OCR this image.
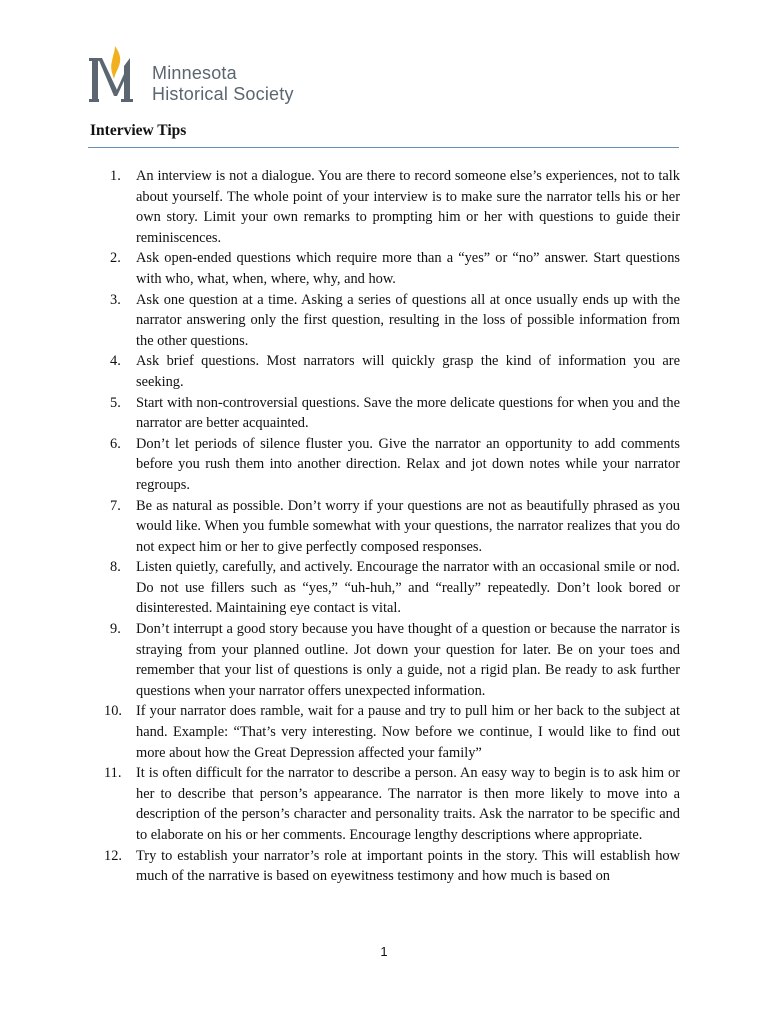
Minnesota
Historical Society
Interview Tips
1.	An interview is not a dialogue. You are there to record someone else’s experiences, not to talk about yourself. The whole point of your interview is to make sure the narrator tells his or her own story. Limit your own remarks to prompting him or her with questions to guide their reminiscences.
2.	Ask open-ended questions which require more than a “yes” or “no” answer. Start questions with who, what, when, where, why, and how.
3.	Ask one question at a time. Asking a series of questions all at once usually ends up with the narrator answering only the first question, resulting in the loss of possible information from the other questions.
4.	Ask brief questions. Most narrators will quickly grasp the kind of information you are seeking.
5.	Start with non-controversial questions. Save the more delicate questions for when you and the narrator are better acquainted.
6.	Don’t let periods of silence fluster you. Give the narrator an opportunity to add comments before you rush them into another direction. Relax and jot down notes while your narrator regroups.
7.	Be as natural as possible. Don’t worry if your questions are not as beautifully phrased as you would like. When you fumble somewhat with your questions, the narrator realizes that you do not expect him or her to give perfectly composed responses.
8.	Listen quietly, carefully, and actively. Encourage the narrator with an occasional smile or nod. Do not use fillers such as “yes,” “uh-huh,” and “really” repeatedly. Don’t look bored or disinterested. Maintaining eye contact is vital.
9.	Don’t interrupt a good story because you have thought of a question or because the narrator is straying from your planned outline. Jot down your question for later. Be on your toes and remember that your list of questions is only a guide, not a rigid plan. Be ready to ask further questions when your narrator offers unexpected information.
10. If your narrator does ramble, wait for a pause and try to pull him or her back to the subject at hand. Example: “That’s very interesting. Now before we continue, I would like to find out more about how the Great Depression affected your family”
11.	It is often difficult for the narrator to describe a person. An easy way to begin is to ask him or her to describe that person’s appearance. The narrator is then more likely to move into a description of the person’s character and personality traits. Ask the narrator to be specific and to elaborate on his or her comments. Encourage lengthy descriptions where appropriate.
12. Try to establish your narrator’s role at important points in the story. This will establish how much of the narrative is based on eyewitness testimony and how much is based on
1
